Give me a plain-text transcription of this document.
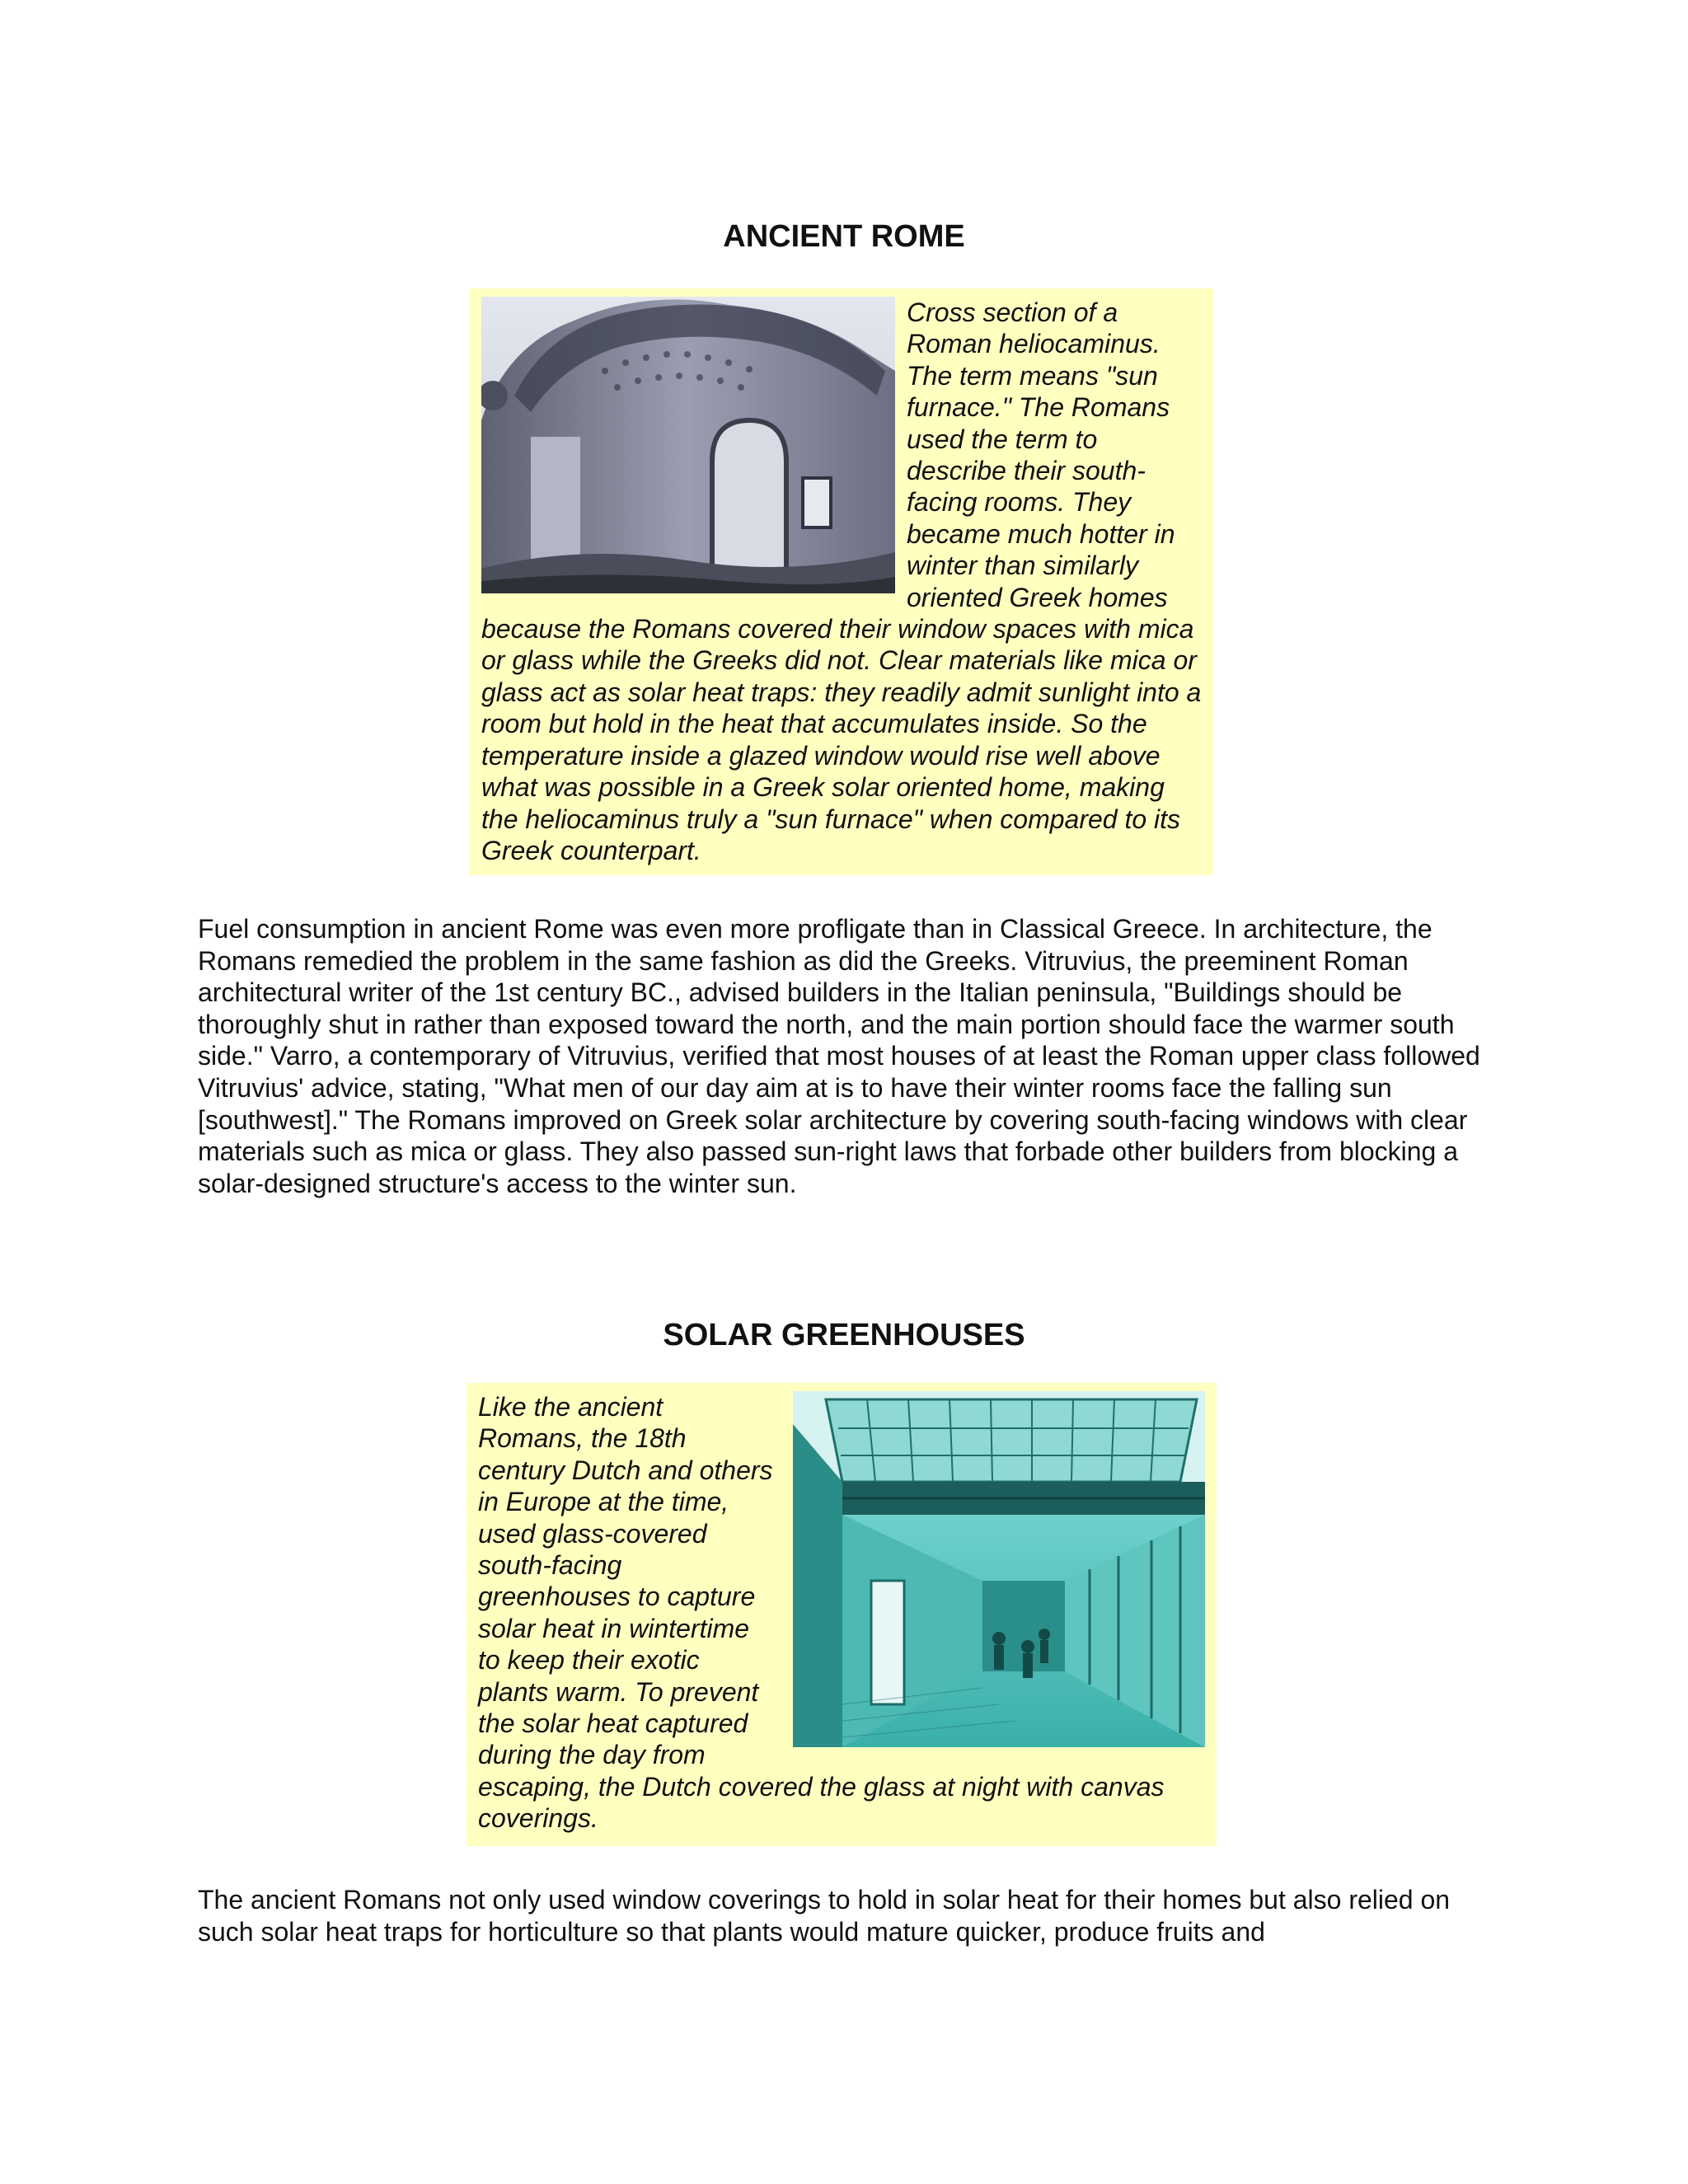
ANCIENT ROME

Cross section of a Roman heliocaminus. The term means "sun furnace." The Romans used the term to describe their south-facing rooms. They became much hotter in winter than similarly oriented Greek homes because the Romans covered their window spaces with mica or glass while the Greeks did not. Clear materials like mica or glass act as solar heat traps: they readily admit sunlight into a room but hold in the heat that accumulates inside. So the temperature inside a glazed window would rise well above what was possible in a Greek solar oriented home, making the heliocaminus truly a "sun furnace" when compared to its Greek counterpart.

Fuel consumption in ancient Rome was even more profligate than in Classical Greece. In architecture, the Romans remedied the problem in the same fashion as did the Greeks. Vitruvius, the preeminent Roman architectural writer of the 1st century BC., advised builders in the Italian peninsula, "Buildings should be thoroughly shut in rather than exposed toward the north, and the main portion should face the warmer south side." Varro, a contemporary of Vitruvius, verified that most houses of at least the Roman upper class followed Vitruvius' advice, stating, "What men of our day aim at is to have their winter rooms face the falling sun [southwest]." The Romans improved on Greek solar architecture by covering south-facing windows with clear materials such as mica or glass. They also passed sun-right laws that forbade other builders from blocking a solar-designed structure's access to the winter sun.

SOLAR GREENHOUSES

Like the ancient Romans, the 18th century Dutch and others in Europe at the time, used glass-covered south-facing greenhouses to capture solar heat in wintertime to keep their exotic plants warm. To prevent the solar heat captured during the day from escaping, the Dutch covered the glass at night with canvas coverings.

The ancient Romans not only used window coverings to hold in solar heat for their homes but also relied on such solar heat traps for horticulture so that plants would mature quicker, produce fruits and
